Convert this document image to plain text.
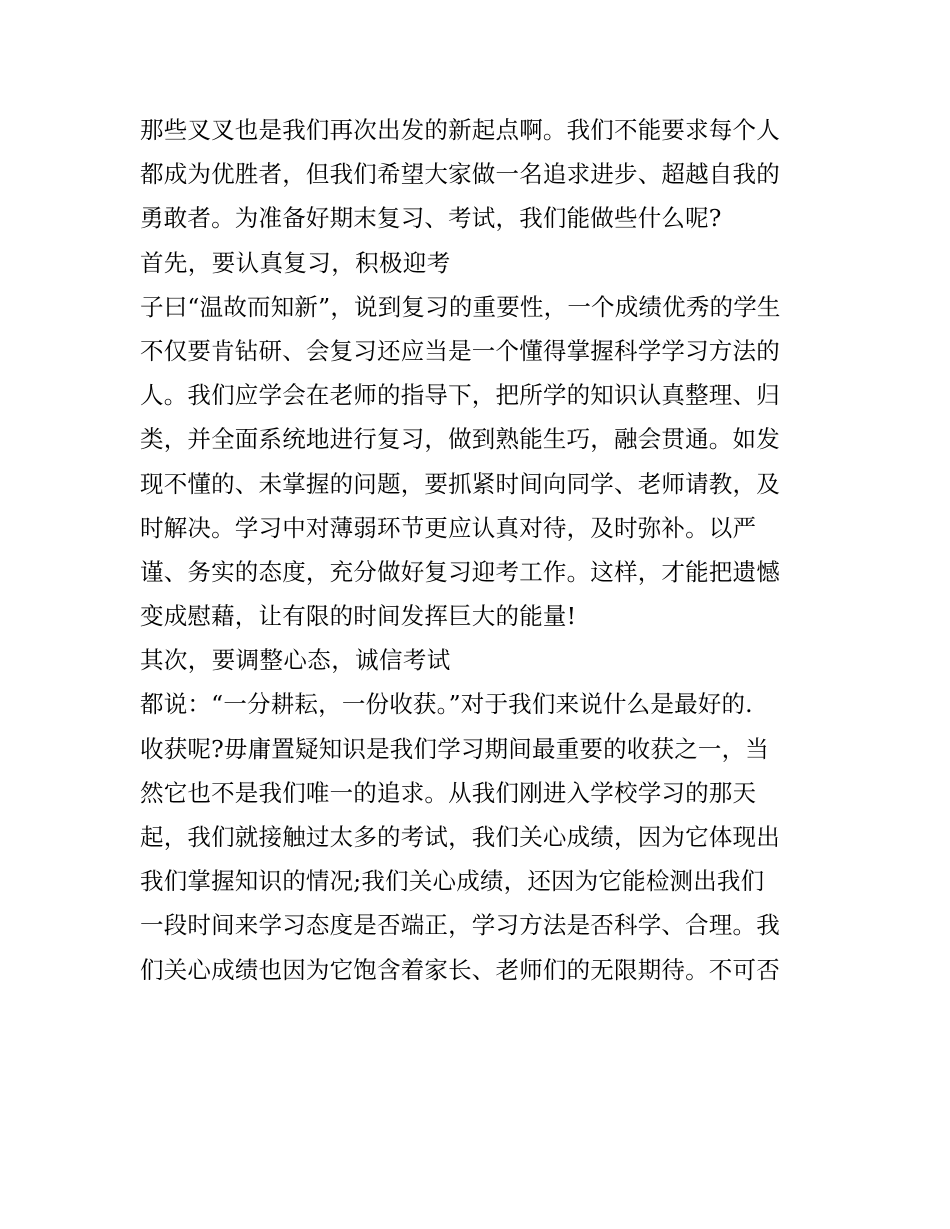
那些叉叉也是我们再次出发的新起点啊。我们不能要求每个人
都成为优胜者，但我们希望大家做一名追求进步、超越自我的
勇敢者。为准备好期末复习、考试，我们能做些什么呢?
首先，要认真复习，积极迎考
子曰“温故而知新”，说到复习的重要性，一个成绩优秀的学生
不仅要肯钻研、会复习还应当是一个懂得掌握科学学习方法的
人。我们应学会在老师的指导下，把所学的知识认真整理、归
类，并全面系统地进行复习，做到熟能生巧，融会贯通。如发
现不懂的、未掌握的问题，要抓紧时间向同学、老师请教，及
时解决。学习中对薄弱环节更应认真对待，及时弥补。以严
谨、务实的态度，充分做好复习迎考工作。这样，才能把遗憾
变成慰藉，让有限的时间发挥巨大的能量!
其次，要调整心态，诚信考试
都说：“一分耕耘，一份收获。”对于我们来说什么是最好的.
收获呢?毋庸置疑知识是我们学习期间最重要的收获之一，当
然它也不是我们唯一的追求。从我们刚进入学校学习的那天
起，我们就接触过太多的考试，我们关心成绩，因为它体现出
我们掌握知识的情况;我们关心成绩，还因为它能检测出我们
一段时间来学习态度是否端正，学习方法是否科学、合理。我
们关心成绩也因为它饱含着家长、老师们的无限期待。不可否
